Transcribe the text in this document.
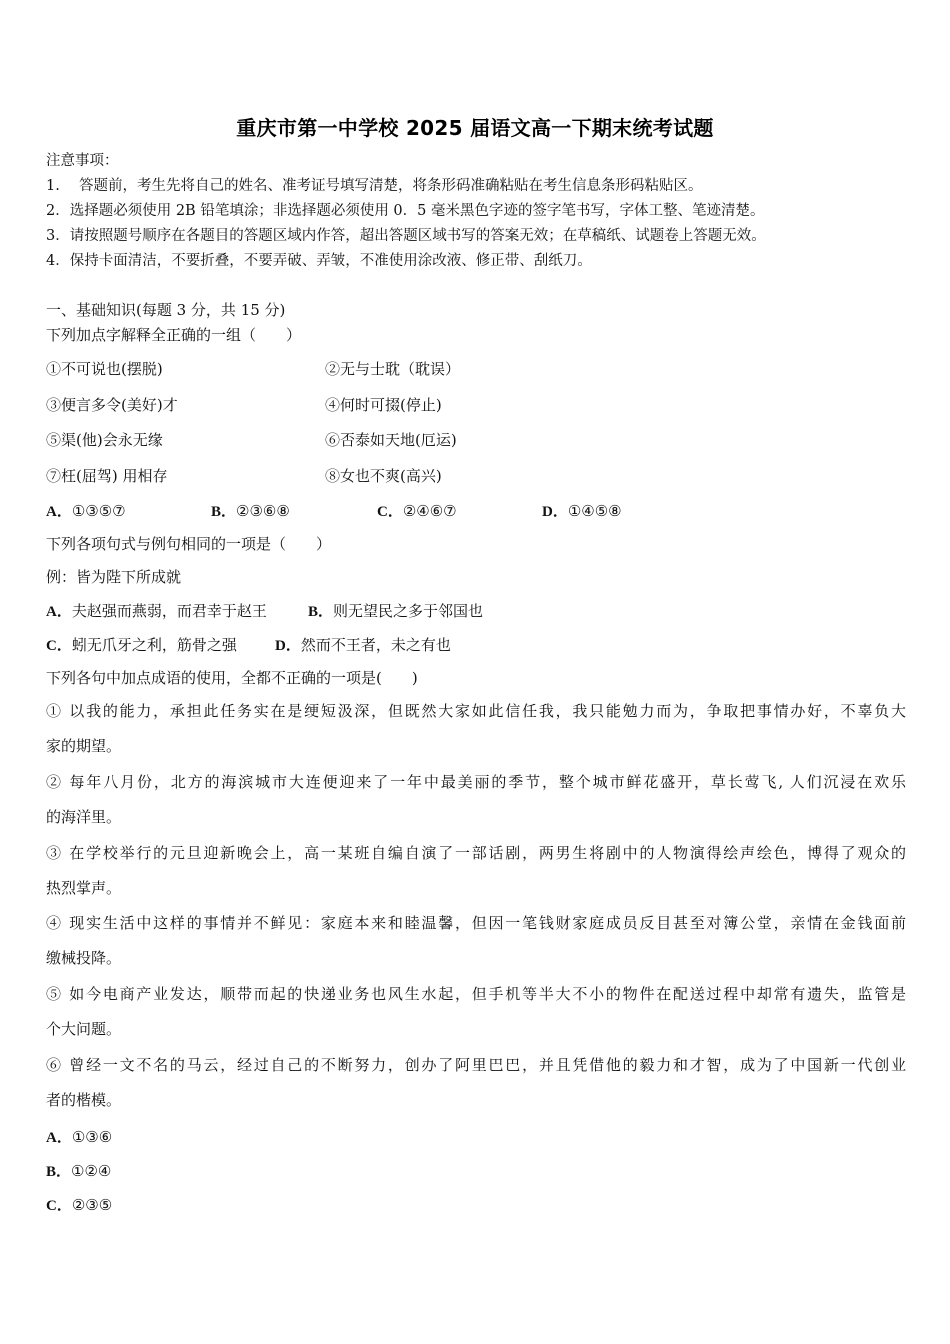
重庆市第一中学校 2025 届语文高一下期末统考试题
注意事项：
1.　 答题前，考生先将自己的姓名、准考证号填写清楚，将条形码准确粘贴在考生信息条形码粘贴区。
2．选择题必须使用 2B 铅笔填涂；非选择题必须使用 0．5 毫米黑色字迹的签字笔书写，字体工整、笔迹清楚。
3．请按照题号顺序在各题目的答题区域内作答，超出答题区域书写的答案无效；在草稿纸、试题卷上答题无效。
4．保持卡面清洁，不要折叠，不要弄破、弄皱，不准使用涂改液、修正带、刮纸刀。
一、基础知识(每题 3 分，共 15 分)
下列加点字解释全正确的一组（　　）
①不可说也(摆脱)	②无与士耽（耽误）
③便言多令(美好)才	④何时可掇(停止)
⑤渠(他)会永无缘	⑥否泰如天地(厄运)
⑦枉(屈驾) 用相存	⑧女也不爽(高兴)
A．①③⑤⑦	B．②③⑥⑧	C．②④⑥⑦	D．①④⑤⑧
下列各项句式与例句相同的一项是（　　）
例：皆为陛下所成就
A．夫赵强而燕弱，而君幸于赵王	B．则无望民之多于邻国也
C．蚓无爪牙之利，筋骨之强	D．然而不王者，未之有也
下列各句中加点成语的使用，全都不正确的一项是(　　)
① 以我的能力，承担此任务实在是绠短汲深，但既然大家如此信任我，我只能勉力而为，争取把事情办好，不辜负大
家的期望。
② 每年八月份，北方的海滨城市大连便迎来了一年中最美丽的季节，整个城市鲜花盛开，草长莺飞, 人们沉浸在欢乐
的海洋里。
③ 在学校举行的元旦迎新晚会上，高一某班自编自演了一部话剧，两男生将剧中的人物演得绘声绘色，博得了观众的
热烈掌声。
④ 现实生活中这样的事情并不鲜见：家庭本来和睦温馨，但因一笔钱财家庭成员反目甚至对簿公堂，亲情在金钱面前
缴械投降。
⑤ 如今电商产业发达，顺带而起的快递业务也风生水起，但手机等半大不小的物件在配送过程中却常有遗失，监管是
个大问题。
⑥ 曾经一文不名的马云，经过自己的不断努力，创办了阿里巴巴，并且凭借他的毅力和才智，成为了中国新一代创业
者的楷模。
A．①③⑥
B．①②④
C．②③⑤
